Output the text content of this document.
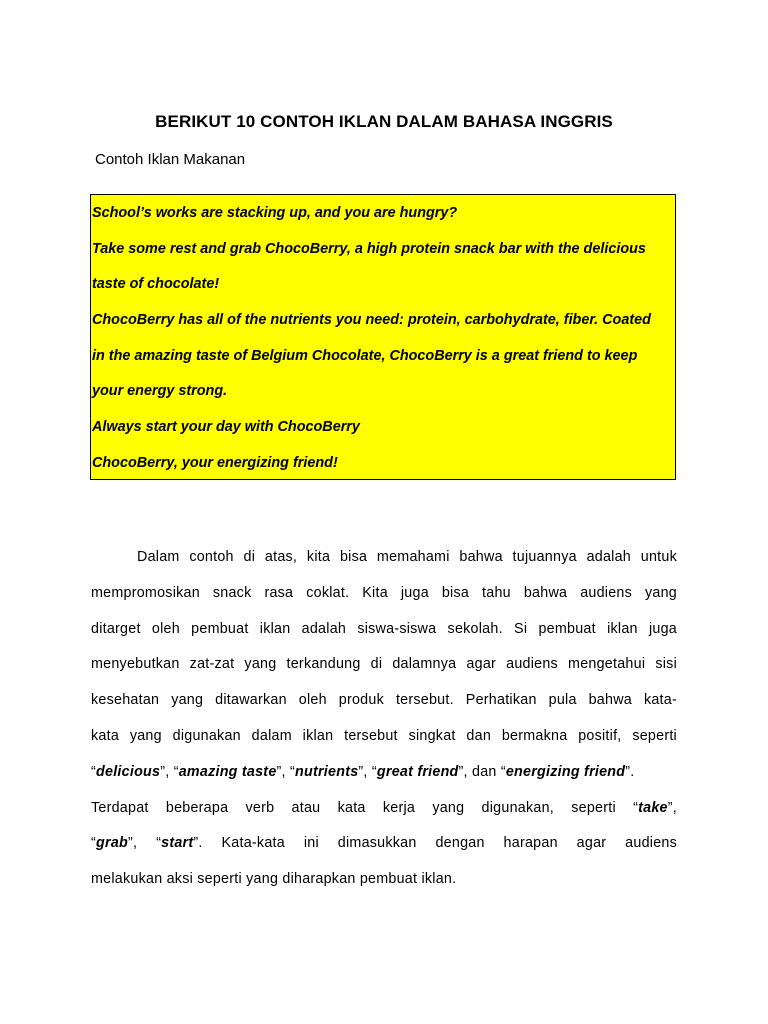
BERIKUT 10 CONTOH IKLAN DALAM BAHASA INGGRIS
Contoh Iklan Makanan
School’s works are stacking up, and you are hungry?
Take some rest and grab ChocoBerry, a high protein snack bar with the delicious
taste of chocolate!
ChocoBerry has all of the nutrients you need: protein, carbohydrate, fiber. Coated
in the amazing taste of Belgium Chocolate, ChocoBerry is a great friend to keep
your energy strong.
Always start your day with ChocoBerry
ChocoBerry, your energizing friend!
Dalam contoh di atas, kita bisa memahami bahwa tujuannya adalah untuk
mempromosikan snack rasa coklat. Kita juga bisa tahu bahwa audiens yang
ditarget oleh pembuat iklan adalah siswa-siswa sekolah. Si pembuat iklan juga
menyebutkan zat-zat yang terkandung di dalamnya agar audiens mengetahui sisi
kesehatan yang ditawarkan oleh produk tersebut. Perhatikan pula bahwa kata-
kata yang digunakan dalam iklan tersebut singkat dan bermakna positif, seperti
“delicious”, “amazing taste”, “nutrients”, “great friend”, dan “energizing friend”.
Terdapat beberapa verb atau kata kerja yang digunakan, seperti “take”,
“grab”, “start”. Kata-kata ini dimasukkan dengan harapan agar audiens
melakukan aksi seperti yang diharapkan pembuat iklan.
